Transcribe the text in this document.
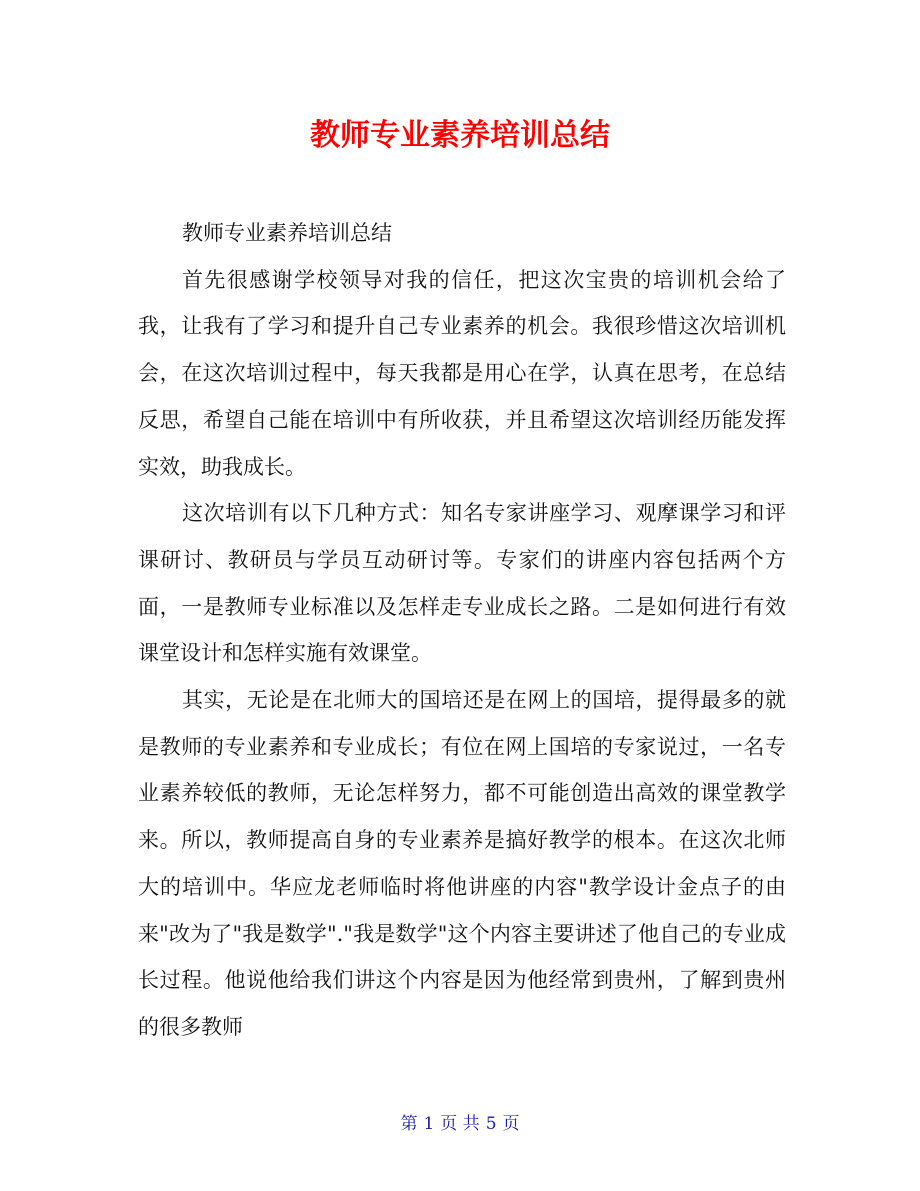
教师专业素养培训总结

教师专业素养培训总结

首先很感谢学校领导对我的信任，把这次宝贵的培训机会给了我，让我有了学习和提升自己专业素养的机会。我很珍惜这次培训机会，在这次培训过程中，每天我都是用心在学，认真在思考，在总结反思，希望自己能在培训中有所收获，并且希望这次培训经历能发挥实效，助我成长。

这次培训有以下几种方式：知名专家讲座学习、观摩课学习和评课研讨、教研员与学员互动研讨等。专家们的讲座内容包括两个方面，一是教师专业标准以及怎样走专业成长之路。二是如何进行有效课堂设计和怎样实施有效课堂。

其实，无论是在北师大的国培还是在网上的国培，提得最多的就是教师的专业素养和专业成长；有位在网上国培的专家说过，一名专业素养较低的教师，无论怎样努力，都不可能创造出高效的课堂教学来。所以，教师提高自身的专业素养是搞好教学的根本。在这次北师大的培训中。华应龙老师临时将他讲座的内容"教学设计金点子的由来"改为了"我是数学"."我是数学"这个内容主要讲述了他自己的专业成长过程。他说他给我们讲这个内容是因为他经常到贵州，了解到贵州的很多教师

第 1 页 共 5 页
